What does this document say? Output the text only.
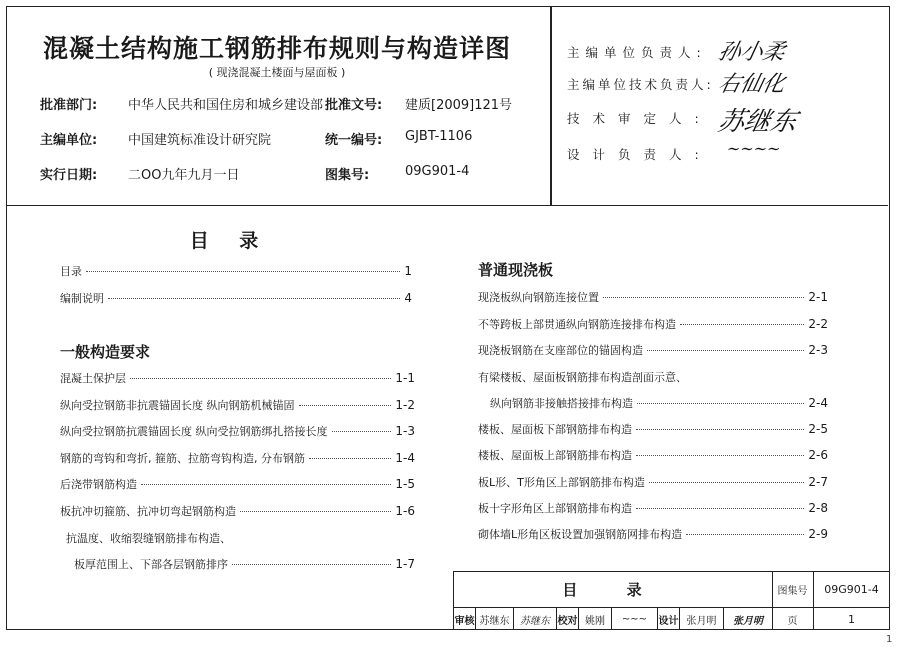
混凝土结构施工钢筋排布规则与构造详图
( 现浇混凝土楼面与屋面板 )
批准部门: 中华人民共和国住房和城乡建设部 批准文号: 建质[2009]121号
主编单位: 中国建筑标准设计研究院	统一编号: GJBT-1106
实行日期: 二OO九年九月一日	图集号:	09G901-4
主编单位负责人: 孙小柔
主编单位技术负责人: 右仙化
技术审定人: 苏继东
设计负责人: ~~~~
目 录
目录	1
编制说明	4
一般构造要求
混凝土保护层	1-1
纵向受拉钢筋非抗震锚固长度 纵向钢筋机械锚固	1-2
纵向受拉钢筋抗震锚固长度 纵向受拉钢筋绑扎搭接长度	1-3
钢筋的弯钩和弯折, 箍筋、拉筋弯钩构造, 分布钢筋	1-4
后浇带钢筋构造	1-5
板抗冲切箍筋、抗冲切弯起钢筋构造	1-6
抗温度、收缩裂缝钢筋排布构造、
板厚范围上、下部各层钢筋排序	1-7
普通现浇板
现浇板纵向钢筋连接位置	2-1
不等跨板上部贯通纵向钢筋连接排布构造	2-2
现浇板钢筋在支座部位的锚固构造	2-3
有梁楼板、屋面板钢筋排布构造剖面示意、
纵向钢筋非接触搭接排布构造	2-4
楼板、屋面板下部钢筋排布构造	2-5
楼板、屋面板上部钢筋排布构造	2-6
板L形、T形角区上部钢筋排布构造	2-7
板十字形角区上部钢筋排布构造	2-8
砌体墙L形角区板设置加强钢筋网排布构造	2-9
目 录	图集号	09G901-4
审核 苏继东	苏继东 校对 姚刚	~~~	设计 张月明	张月明	页	1
1
